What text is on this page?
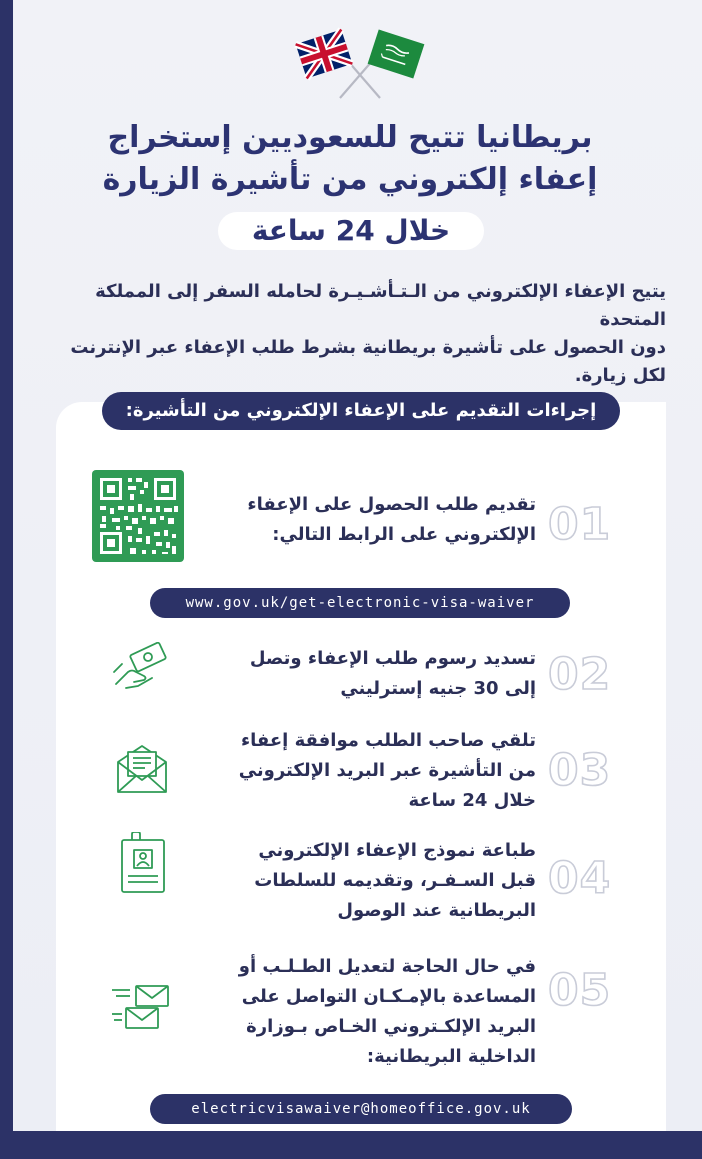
بريطانيا تتيح للسعوديين إستخراج
إعفاء إلكتروني من تأشيرة الزيارة
خلال 24 ساعة
يتيح الإعفاء الإلكتروني من الـتـأشـيـرة لحامله السفر إلى المملكة المتحدة
دون الحصول على تأشيرة بريطانية بشرط طلب الإعفاء عبر الإنترنت لكل زيارة.
إجراءات التقديم على الإعفاء الإلكتروني من التأشيرة:
تقديم طلب الحصول على الإعفاء
الإلكتروني على الرابط التالي: 01
www.gov.uk/get-electronic-visa-waiver
تسديد رسوم طلب الإعفاء وتصل
إلى 30 جنيه إسترليني 02
تلقي صاحب الطلب موافقة إعفاء
من التأشيرة عبر البريد الإلكتروني
خلال 24 ساعة
03
طباعة نموذج الإعفاء الإلكتروني
قبل السـفـر، وتقديمه للسلطات
البريطانية عند الوصول
04
في حال الحاجة لتعديل الطـلـب أو
المساعدة بالإمـكـان التواصل على
البريد الإلكـتروني الخـاص بـوزارة
الداخلية البريطانية:
05
electricvisawaiver@homeoffice.gov.uk
